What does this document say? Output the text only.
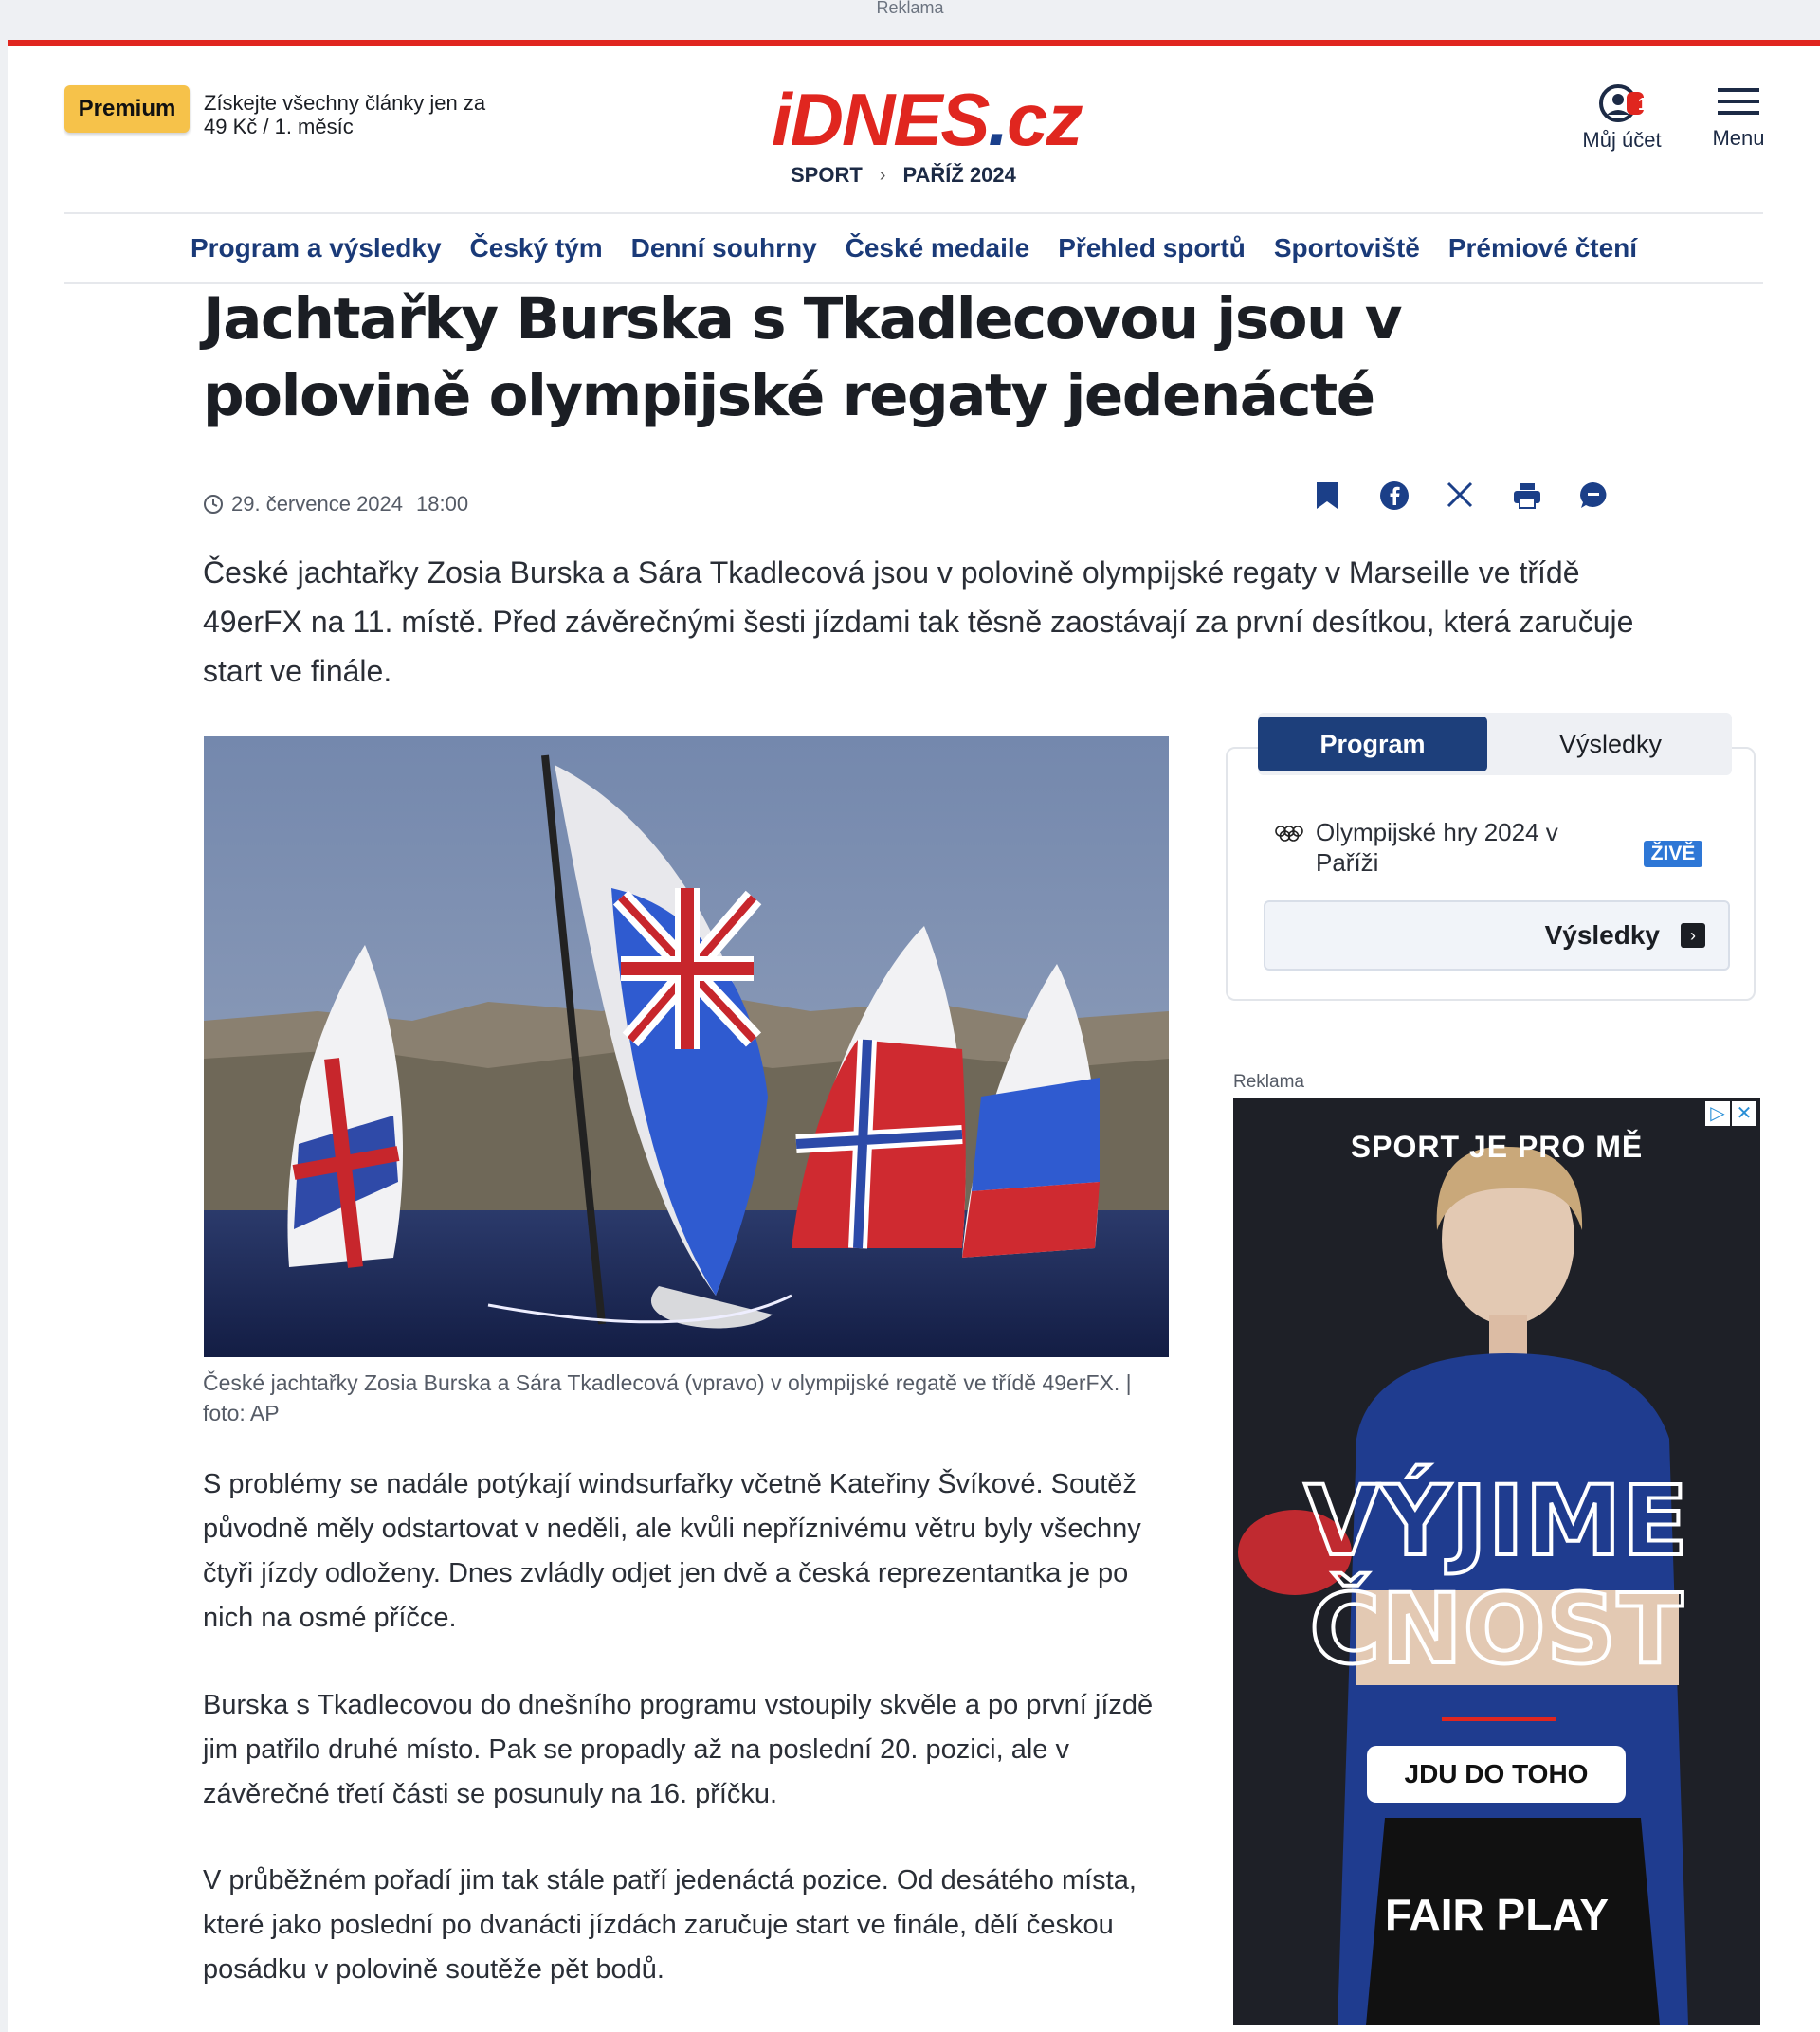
Reklama
Premium	Získejte všechny články jen za 49 Kč / 1. měsíc	iDNES.cz
SPORT › PAŘÍŽ 2024
1
Můj účet	Menu
Program a výsledky Český tým Denní souhrny České medaile Přehled sportů Sportoviště Prémiové čtení
Jachtařky Burska s Tkadlecovou jsou v polovině olympijské regaty jedenácté
29. července 2024 18:00

České jachtařky Zosia Burska a Sára Tkadlecová jsou v polovině olympijské regaty v Marseille ve třídě 49erFX na 11. místě. Před závěrečnými šesti jízdami tak těsně zaostávají za první desítkou, která zaručuje start ve finále.

České jachtařky Zosia Burska a Sára Tkadlecová (vpravo) v olympijské regatě ve třídě 49erFX. | foto: AP

S problémy se nadále potýkají windsurfařky včetně Kateřiny Švíkové. Soutěž původně měly odstartovat v neděli, ale kvůli nepříznivému větru byly všechny čtyři jízdy odloženy. Dnes zvládly odjet jen dvě a česká reprezentantka je po nich na osmé příčce.

Burska s Tkadlecovou do dnešního programu vstoupily skvěle a po první jízdě jim patřilo druhé místo. Pak se propadly až na poslední 20. pozici, ale v závěrečné třetí části se posunuly na 16. příčku.

V průběžném pořadí jim tak stále patří jedenáctá pozice. Od desátého místa, které jako poslední po dvanácti jízdách zaručuje start ve finále, dělí českou posádku v polovině soutěže pět bodů.

Program	Výsledky
Olympijské hry 2024 v Paříži	ŽIVĚ
Výsledky	›
Reklama
SPORT JE PRO MĚ
VÝJIME
ČNOST
JDU DO TOHO
FAIR PLAY
▷ ✕
